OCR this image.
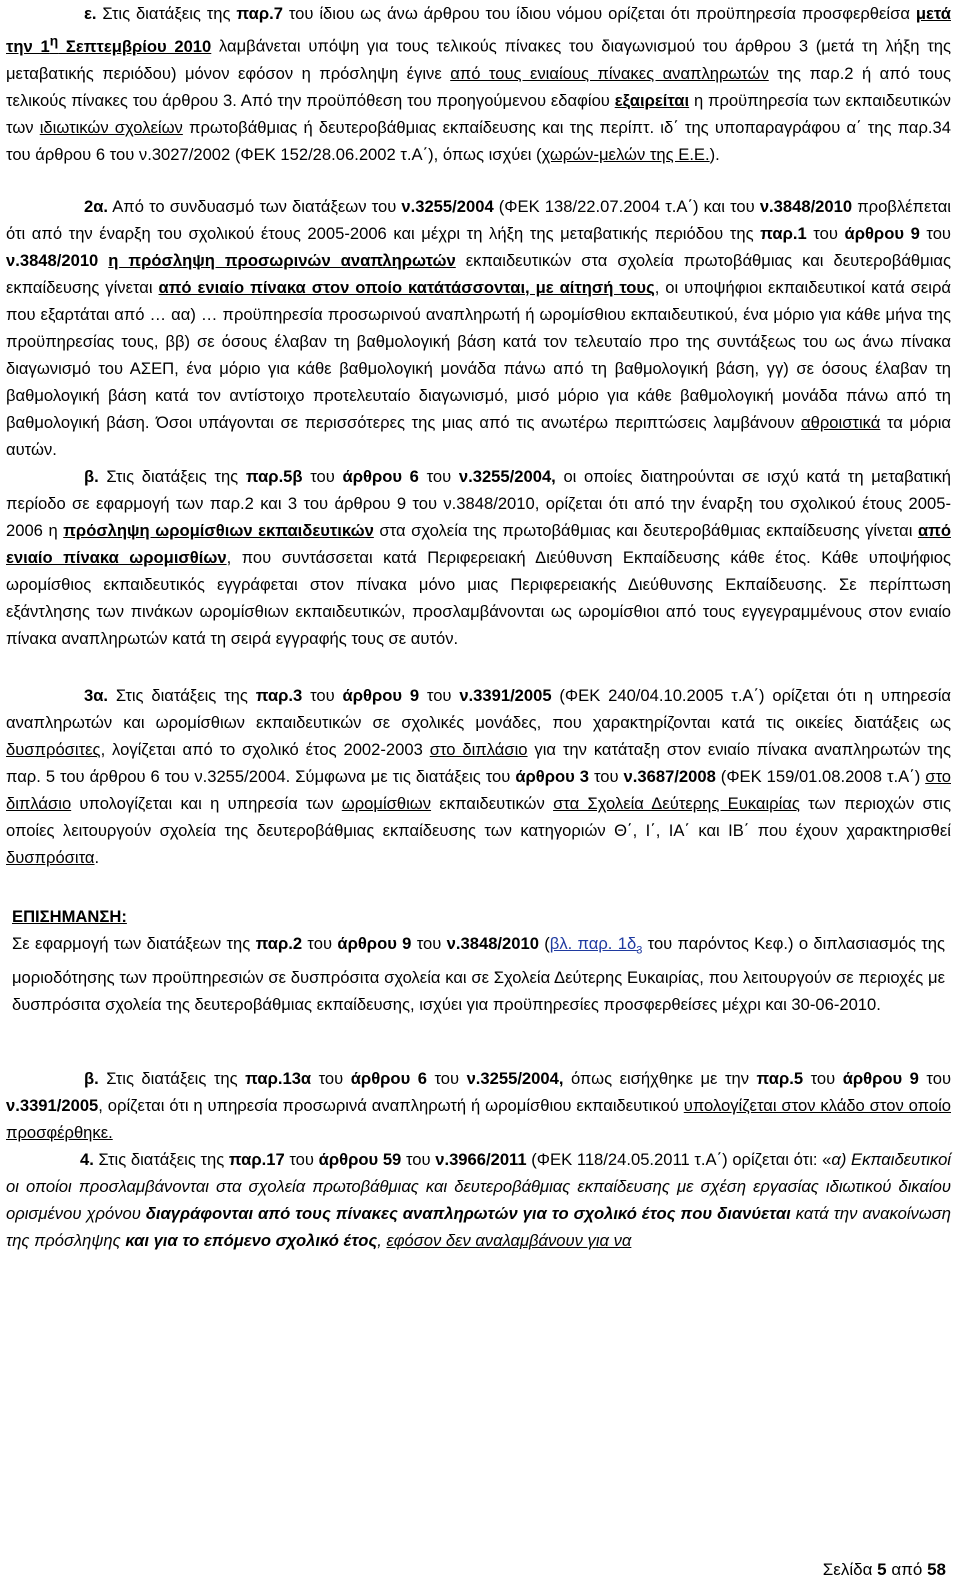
ε. Στις διατάξεις της παρ.7 του ίδιου ως άνω άρθρου του ίδιου νόμου ορίζεται ότι προϋπηρεσία προσφερθείσα μετά την $1^\eta$ Σεπτεμβρίου 2010 λαμβάνεται υπόψη για τους τελικούς πίνακες του διαγωνισμού του άρθρου 3 (μετά τη λήξη της μεταβατικής περιόδου) μόνον εφόσον η πρόσληψη έγινε από τους ενιαίους πίνακες αναπληρωτών της παρ.2 ή από τους τελικούς πίνακες του άρθρου 3. Από την προϋπόθεση του προηγούμενου εδαφίου εξαιρείται η προϋπηρεσία των εκπαιδευτικών των ιδιωτικών σχολείων πρωτοβάθμιας ή δευτεροβάθμιας εκπαίδευσης και της περίπτ. ιδ΄ της υποπαραγράφου α΄ της παρ.34 του άρθρου 6 του ν.3027/2002 (ΦΕΚ 152/28.06.2002 τ.Α΄), όπως ισχύει (χωρών-μελών της Ε.Ε.).

2α. Από το συνδυασμό των διατάξεων του ν.3255/2004 (ΦΕΚ 138/22.07.2004 τ.Α΄) και του ν.3848/2010 προβλέπεται ότι από την έναρξη του σχολικού έτους 2005-2006 και μέχρι τη λήξη της μεταβατικής περιόδου της παρ.1 του άρθρου 9 του ν.3848/2010 η πρόσληψη προσωρινών αναπληρωτών εκπαιδευτικών στα σχολεία πρωτοβάθμιας και δευτεροβάθμιας εκπαίδευσης γίνεται από ενιαίο πίνακα στον οποίο κατάτάσσονται, με αίτησή τους, οι υποψήφιοι εκπαιδευτικοί κατά σειρά που εξαρτάται από … αα) … προϋπηρεσία προσωρινού αναπληρωτή ή ωρομίσθιου εκπαιδευτικού, ένα μόριο για κάθε μήνα της προϋπηρεσίας τους, ββ) σε όσους έλαβαν τη βαθμολογική βάση κατά τον τελευταίο προ της συντάξεως του ως άνω πίνακα διαγωνισμό του ΑΣΕΠ, ένα μόριο για κάθε βαθμολογική μονάδα πάνω από τη βαθμολογική βάση, γγ) σε όσους έλαβαν τη βαθμολογική βάση κατά τον αντίστοιχο προτελευταίο διαγωνισμό, μισό μόριο για κάθε βαθμολογική μονάδα πάνω από τη βαθμολογική βάση. Όσοι υπάγονται σε περισσότερες της μιας από τις ανωτέρω περιπτώσεις λαμβάνουν αθροιστικά τα μόρια αυτών.

β. Στις διατάξεις της παρ.5β του άρθρου 6 του ν.3255/2004, οι οποίες διατηρούνται σε ισχύ κατά τη μεταβατική περίοδο σε εφαρμογή των παρ.2 και 3 του άρθρου 9 του ν.3848/2010, ορίζεται ότι από την έναρξη του σχολικού έτους 2005-2006 η πρόσληψη ωρομίσθιων εκπαιδευτικών στα σχολεία της πρωτοβάθμιας και δευτεροβάθμιας εκπαίδευσης γίνεται από ενιαίο πίνακα ωρομισθίων, που συντάσσεται κατά Περιφερειακή Διεύθυνση Εκπαίδευσης κάθε έτος. Κάθε υποψήφιος ωρομίσθιος εκπαιδευτικός εγγράφεται στον πίνακα μόνο μιας Περιφερειακής Διεύθυνσης Εκπαίδευσης. Σε περίπτωση εξάντλησης των πινάκων ωρομίσθιων εκπαιδευτικών, προσλαμβάνονται ως ωρομίσθιοι από τους εγγεγραμμένους στον ενιαίο πίνακα αναπληρωτών κατά τη σειρά εγγραφής τους σε αυτόν.

3α. Στις διατάξεις της παρ.3 του άρθρου 9 του ν.3391/2005 (ΦΕΚ 240/04.10.2005 τ.Α΄) ορίζεται ότι η υπηρεσία αναπληρωτών και ωρομίσθιων εκπαιδευτικών σε σχολικές μονάδες, που χαρακτηρίζονται κατά τις οικείες διατάξεις ως δυσπρόσιτες, λογίζεται από το σχολικό έτος 2002-2003 στο διπλάσιο για την κατάταξη στον ενιαίο πίνακα αναπληρωτών της παρ. 5 του άρθρου 6 του ν.3255/2004. Σύμφωνα με τις διατάξεις του άρθρου 3 του ν.3687/2008 (ΦΕΚ 159/01.08.2008 τ.Α΄) στο διπλάσιο υπολογίζεται και η υπηρεσία των ωρομίσθιων εκπαιδευτικών στα Σχολεία Δεύτερης Ευκαιρίας των περιοχών στις οποίες λειτουργούν σχολεία της δευτεροβάθμιας εκπαίδευσης των κατηγοριών Θ΄, Ι΄, ΙΑ΄ και ΙΒ΄ που έχουν χαρακτηρισθεί δυσπρόσιτα.

ΕΠΙΣΗΜΑΝΣΗ:

Σε εφαρμογή των διατάξεων της παρ.2 του άρθρου 9 του ν.3848/2010 (βλ. παρ. $1\delta_3$ του παρόντος Κεφ.) ο διπλασιασμός της μοριοδότησης των προϋπηρεσιών σε δυσπρόσιτα σχολεία και σε Σχολεία Δεύτερης Ευκαιρίας, που λειτουργούν σε περιοχές με δυσπρόσιτα σχολεία της δευτεροβάθμιας εκπαίδευσης, ισχύει για προϋπηρεσίες προσφερθείσες μέχρι και 30-06-2010.

β. Στις διατάξεις της παρ.13α του άρθρου 6 του ν.3255/2004, όπως εισήχθηκε με την παρ.5 του άρθρου 9 του ν.3391/2005, ορίζεται ότι η υπηρεσία προσωρινά αναπληρωτή ή ωρομίσθιου εκπαιδευτικού υπολογίζεται στον κλάδο στον οποίο προσφέρθηκε.

4. Στις διατάξεις της παρ.17 του άρθρου 59 του ν.3966/2011 (ΦΕΚ 118/24.05.2011 τ.Α΄) ορίζεται ότι: «α) Εκπαιδευτικοί οι οποίοι προσλαμβάνονται στα σχολεία πρωτοβάθμιας και δευτεροβάθμιας εκπαίδευσης με σχέση εργασίας ιδιωτικού δικαίου ορισμένου χρόνου διαγράφονται από τους πίνακες αναπληρωτών για το σχολικό έτος που διανύεται κατά την ανακοίνωση της πρόσληψης και για το επόμενο σχολικό έτος, εφόσον δεν αναλαμβάνουν για να

Σελίδα 5 από 58
